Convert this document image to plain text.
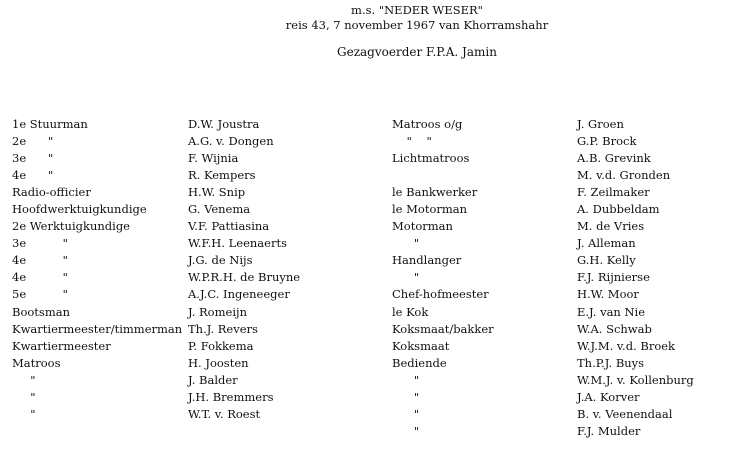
m.s. "NEDER WESER"
reis 43, 7 november 1967 van Khorramshahr
Gezagvoerder F.P.A. Jamin
1e Stuurman
2e      "
3e      "
4e      "
Radio-officier
Hoofdwerktuigkundige
2e Werktuigkundige
3e          "
4e          "
4e          "
5e          "
Bootsman
Kwartiermeester/timmerman
Kwartiermeester
Matroos
"
"
"
D.W. Joustra
A.G. v. Dongen
F. Wijnia
R. Kempers
H.W. Snip
G. Venema
V.F. Pattiasina
W.F.H. Leenaerts
J.G. de Nijs
W.P.R.H. de Bruyne
A.J.C. Ingeneeger
J. Romeijn
Th.J. Revers
P. Fokkema
H. Joosten
J. Balder
J.H. Bremmers
W.T. v. Roest
Matroos o/g
"    "
Lichtmatroos

le Bankwerker
le Motorman
Motorman
"
Handlanger
"
Chef-hofmeester
le Kok
Koksmaat/bakker
Koksmaat
Bediende
"
"
"
"
J. Groen
G.P. Brock
A.B. Grevink
M. v.d. Gronden
F. Zeilmaker
A. Dubbeldam
M. de Vries
J. Alleman
G.H. Kelly
F.J. Rijnierse
H.W. Moor
E.J. van Nie
W.A. Schwab
W.J.M. v.d. Broek
Th.P.J. Buys
W.M.J. v. Kollenburg
J.A. Korver
B. v. Veenendaal
F.J. Mulder
